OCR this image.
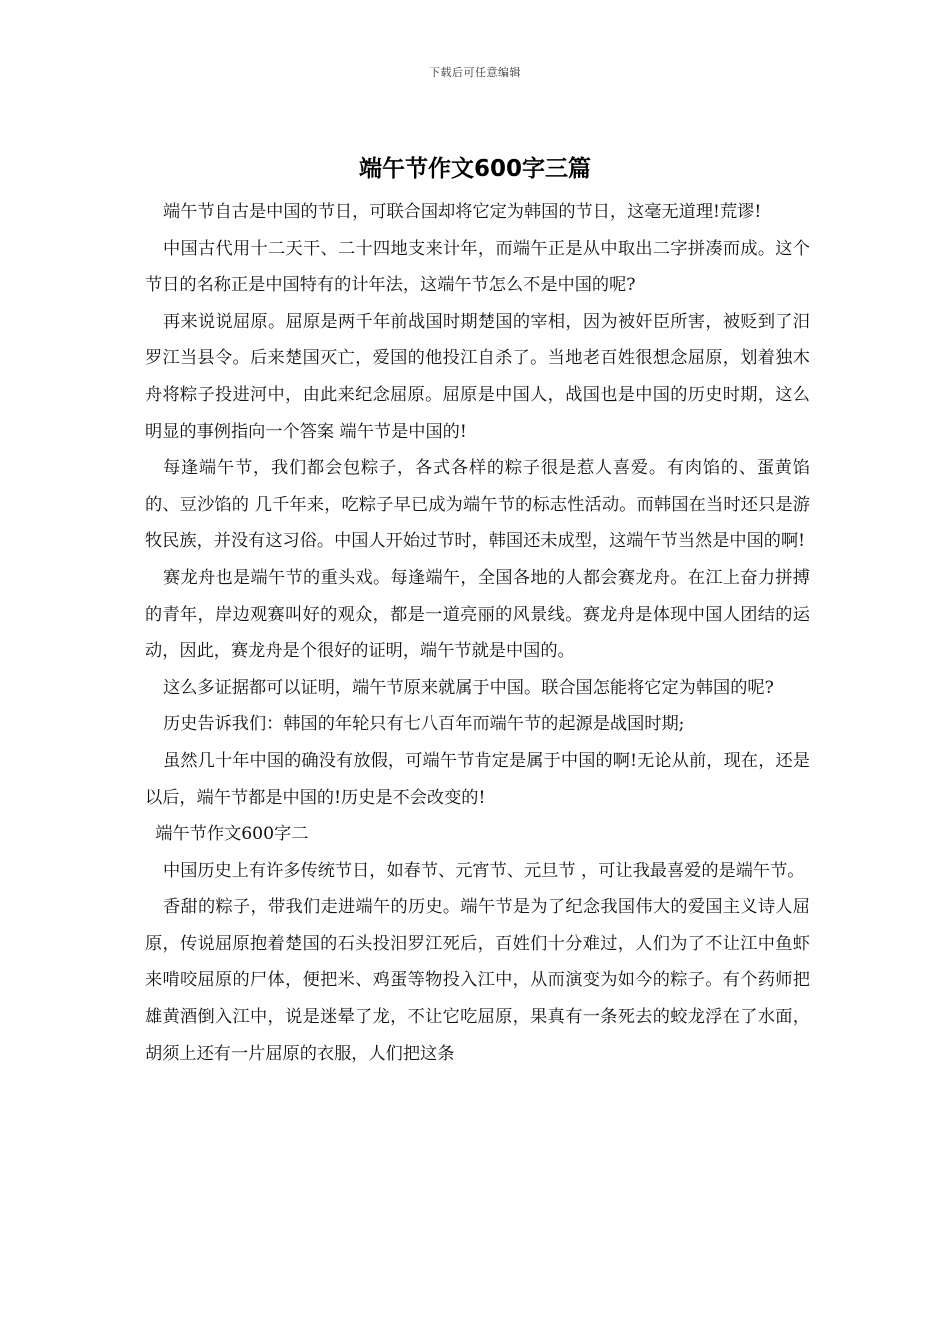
下载后可任意编辑
端午节作文600字三篇

端午节自古是中国的节日，可联合国却将它定为韩国的节日，这毫无道理!荒谬!

中国古代用十二天干、二十四地支来计年，而端午正是从中取出二字拼凑而成。这个节日的名称正是中国特有的计年法，这端午节怎么不是中国的呢?

再来说说屈原。屈原是两千年前战国时期楚国的宰相，因为被奸臣所害，被贬到了汨罗江当县令。后来楚国灭亡，爱国的他投江自杀了。当地老百姓很想念屈原，划着独木舟将粽子投进河中，由此来纪念屈原。屈原是中国人，战国也是中国的历史时期，这么明显的事例指向一个答案 端午节是中国的!

每逢端午节，我们都会包粽子，各式各样的粽子很是惹人喜爱。有肉馅的、蛋黄馅的、豆沙馅的 几千年来，吃粽子早已成为端午节的标志性活动。而韩国在当时还只是游牧民族，并没有这习俗。中国人开始过节时，韩国还未成型，这端午节当然是中国的啊!

赛龙舟也是端午节的重头戏。每逢端午，全国各地的人都会赛龙舟。在江上奋力拼搏的青年，岸边观赛叫好的观众，都是一道亮丽的风景线。赛龙舟是体现中国人团结的运动，因此，赛龙舟是个很好的证明，端午节就是中国的。

这么多证据都可以证明，端午节原来就属于中国。联合国怎能将它定为韩国的呢?

历史告诉我们：韩国的年轮只有七八百年而端午节的起源是战国时期;

虽然几十年中国的确没有放假，可端午节肯定是属于中国的啊!无论从前，现在，还是以后，端午节都是中国的!历史是不会改变的!

端午节作文600字二

中国历史上有许多传统节日，如春节、元宵节、元旦节 ，可让我最喜爱的是端午节。

香甜的粽子，带我们走进端午的历史。端午节是为了纪念我国伟大的爱国主义诗人屈原，传说屈原抱着楚国的石头投汨罗江死后，百姓们十分难过，人们为了不让江中鱼虾来啃咬屈原的尸体，便把米、鸡蛋等物投入江中，从而演变为如今的粽子。有个药师把雄黄酒倒入江中，说是迷晕了龙，不让它吃屈原，果真有一条死去的蛟龙浮在了水面，胡须上还有一片屈原的衣服，人们把这条
